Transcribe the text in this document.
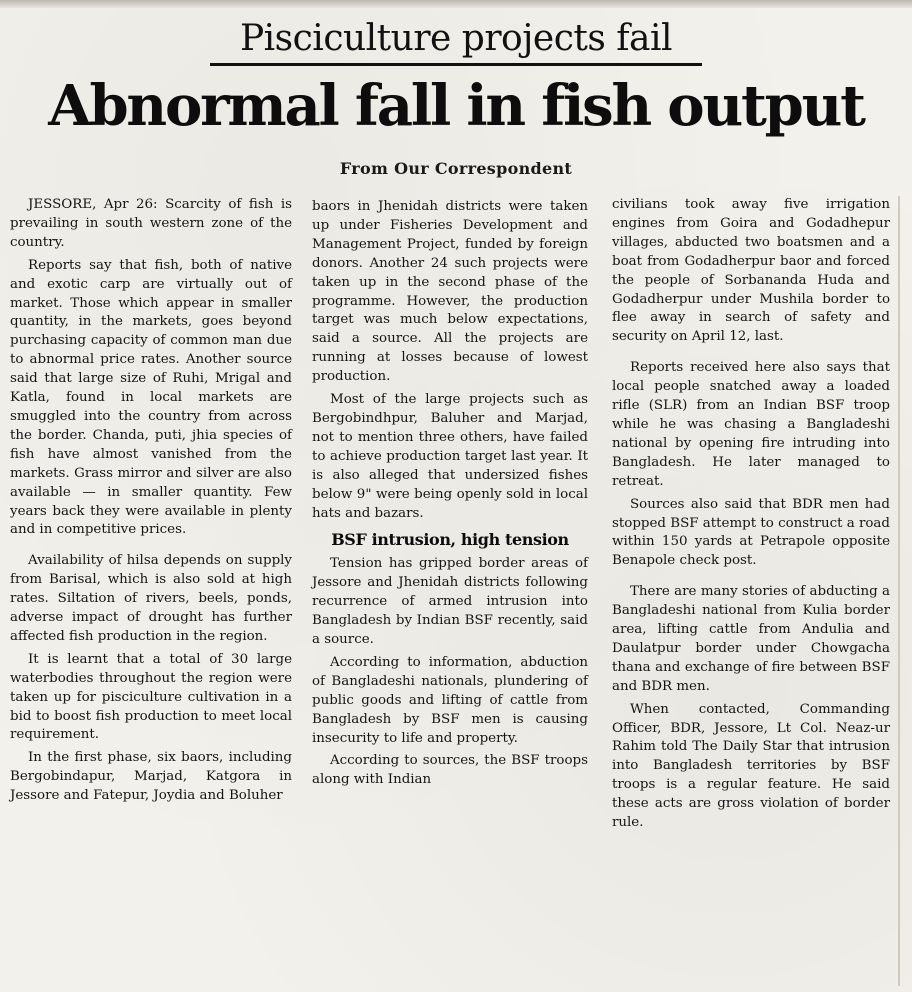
Pisciculture projects fail
Abnormal fall in fish output
From Our Correspondent

JESSORE, Apr 26: Scarcity of fish is prevailing in south western zone of the country.

Reports say that fish, both of native and exotic carp are virtually out of market. Those which appear in smaller quantity, in the markets, goes beyond purchasing capacity of common man due to abnormal price rates. Another source said that large size of Ruhi, Mrigal and Katla, found in local markets are smuggled into the country from across the border. Chanda, puti, jhia species of fish have almost vanished from the markets. Grass mirror and silver are also available — in smaller quantity. Few years back they were available in plenty and in competitive prices.

Availability of hilsa depends on supply from Barisal, which is also sold at high rates. Siltation of rivers, beels, ponds, adverse impact of drought has further affected fish production in the region.

It is learnt that a total of 30 large waterbodies throughout the region were taken up for pisciculture cultivation in a bid to boost fish production to meet local requirement.

In the first phase, six baors, including Bergobindapur, Marjad, Katgora in Jessore and Fatepur, Joydia and Boluher

baors in Jhenidah districts were taken up under Fisheries Development and Management Project, funded by foreign donors. Another 24 such projects were taken up in the second phase of the programme. However, the production target was much below expectations, said a source. All the projects are running at losses because of lowest production.

Most of the large projects such as Bergobindhpur, Baluher and Marjad, not to mention three others, have failed to achieve production target last year. It is also alleged that undersized fishes below 9" were being openly sold in local hats and bazars.

BSF intrusion, high tension

Tension has gripped border areas of Jessore and Jhenidah districts following recurrence of armed intrusion into Bangladesh by Indian BSF recently, said a source.

According to information, abduction of Bangladeshi nationals, plundering of public goods and lifting of cattle from Bangladesh by BSF men is causing insecurity to life and property.

According to sources, the BSF troops along with Indian

civilians took away five irrigation engines from Goira and Godadhepur villages, abducted two boatsmen and a boat from Godadherpur baor and forced the people of Sorbananda Huda and Godadherpur under Mushila border to flee away in search of safety and security on April 12, last.

Reports received here also says that local people snatched away a loaded rifle (SLR) from an Indian BSF troop while he was chasing a Bangladeshi national by opening fire intruding into Bangladesh. He later managed to retreat.

Sources also said that BDR men had stopped BSF attempt to construct a road within 150 yards at Petrapole opposite Benapole check post.

There are many stories of abducting a Bangladeshi national from Kulia border area, lifting cattle from Andulia and Daulatpur border under Chowgacha thana and exchange of fire between BSF and BDR men.

When contacted, Commanding Officer, BDR, Jessore, Lt Col. Neaz-ur Rahim told The Daily Star that intrusion into Bangladesh territories by BSF troops is a regular feature. He said these acts are gross violation of border rule.
